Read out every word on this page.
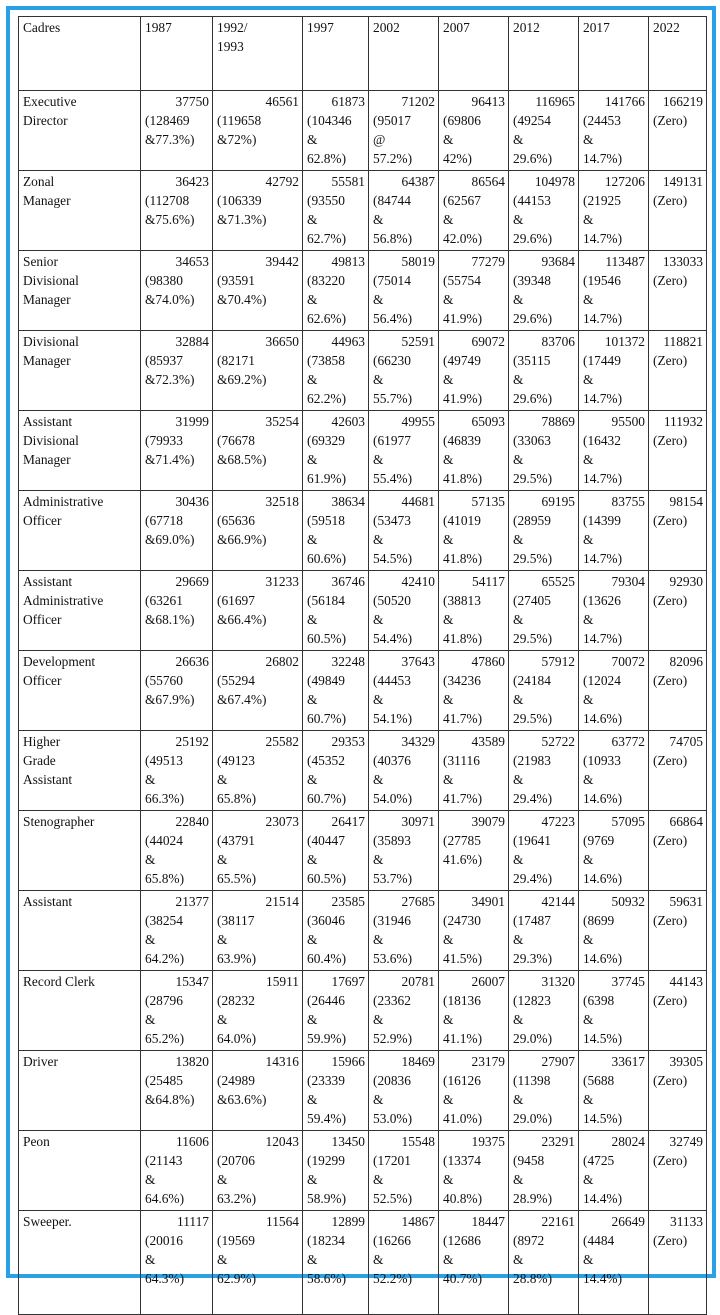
Cadres	1987	1992/
1993	1997	2002	2007	2012	2017	2022

Executive
Director	37750
(128469
&77.3%)	46561
(119658
&72%)	61873
(104346
&
62.8%)	71202
(95017
@
57.2%)	96413
(69806
&
42%)	116965
(49254
&
29.6%)	141766
(24453
&
14.7%)	166219
(Zero)

Zonal
Manager	36423
(112708
&75.6%)	42792
(106339
&71.3%)	55581
(93550
&
62.7%)	64387
(84744
&
56.8%)	86564
(62567
&
42.0%)	104978
(44153
&
29.6%)	127206
(21925
&
14.7%)	149131
(Zero)

Senior
Divisional
Manager	34653
(98380
&74.0%)	39442
(93591
&70.4%)	49813
(83220
&
62.6%)	58019
(75014
&
56.4%)	77279
(55754
&
41.9%)	93684
(39348
&
29.6%)	113487
(19546
&
14.7%)	133033
(Zero)

Divisional
Manager	32884
(85937
&72.3%)	36650
(82171
&69.2%)	44963
(73858
&
62.2%)	52591
(66230
&
55.7%)	69072
(49749
&
41.9%)	83706
(35115
&
29.6%)	101372
(17449
&
14.7%)	118821
(Zero)

Assistant
Divisional
Manager	31999
(79933
&71.4%)	35254
(76678
&68.5%)	42603
(69329
&
61.9%)	49955
(61977
&
55.4%)	65093
(46839
&
41.8%)	78869
(33063
&
29.5%)	95500
(16432
&
14.7%)	111932
(Zero)

Administrative
Officer	30436
(67718
&69.0%)	32518
(65636
&66.9%)	38634
(59518
&
60.6%)	44681
(53473
&
54.5%)	57135
(41019
&
41.8%)	69195
(28959
&
29.5%)	83755
(14399
&
14.7%)	98154
(Zero)

Assistant
Administrative
Officer	29669
(63261
&68.1%)	31233
(61697
&66.4%)	36746
(56184
&
60.5%)	42410
(50520
&
54.4%)	54117
(38813
&
41.8%)	65525
(27405
&
29.5%)	79304
(13626
&
14.7%)	92930
(Zero)

Development
Officer	26636
(55760
&67.9%)	26802
(55294
&67.4%)	32248
(49849
&
60.7%)	37643
(44453
&
54.1%)	47860
(34236
&
41.7%)	57912
(24184
&
29.5%)	70072
(12024
&
14.6%)	82096
(Zero)

Higher
Grade
Assistant	25192
(49513
&
66.3%)	25582
(49123
&
65.8%)	29353
(45352
&
60.7%)	34329
(40376
&
54.0%)	43589
(31116
&
41.7%)	52722
(21983
&
29.4%)	63772
(10933
&
14.6%)	74705
(Zero)

Stenographer	22840
(44024
&
65.8%)	23073
(43791
&
65.5%)	26417
(40447
&
60.5%)	30971
(35893
&
53.7%)	39079
(27785
41.6%)	47223
(19641
&
29.4%)	57095
(9769
&
14.6%)	66864
(Zero)

Assistant	21377
(38254
&
64.2%)	21514
(38117
&
63.9%)	23585
(36046
&
60.4%)	27685
(31946
&
53.6%)	34901
(24730
&
41.5%)	42144
(17487
&
29.3%)	50932
(8699
&
14.6%)	59631
(Zero)

Record Clerk	15347
(28796
&
65.2%)	15911
(28232
&
64.0%)	17697
(26446
&
59.9%)	20781
(23362
&
52.9%)	26007
(18136
&
41.1%)	31320
(12823
&
29.0%)	37745
(6398
&
14.5%)	44143
(Zero)

Driver	13820
(25485
&64.8%)	14316
(24989
&63.6%)	15966
(23339
&
59.4%)	18469
(20836
&
53.0%)	23179
(16126
&
41.0%)	27907
(11398
&
29.0%)	33617
(5688
&
14.5%)	39305
(Zero)

Peon	11606
(21143
&
64.6%)	12043
(20706
&
63.2%)	13450
(19299
&
58.9%)	15548
(17201
&
52.5%)	19375
(13374
&
40.8%)	23291
(9458
&
28.9%)	28024
(4725
&
14.4%)	32749
(Zero)

Sweeper.	11117
(20016
&
64.3%)	11564
(19569
&
62.9%)	12899
(18234
&
58.6%)	14867
(16266
&
52.2%)	18447
(12686
&
40.7%)	22161
(8972
&
28.8%)	26649
(4484
&
14.4%)	31133
(Zero)
